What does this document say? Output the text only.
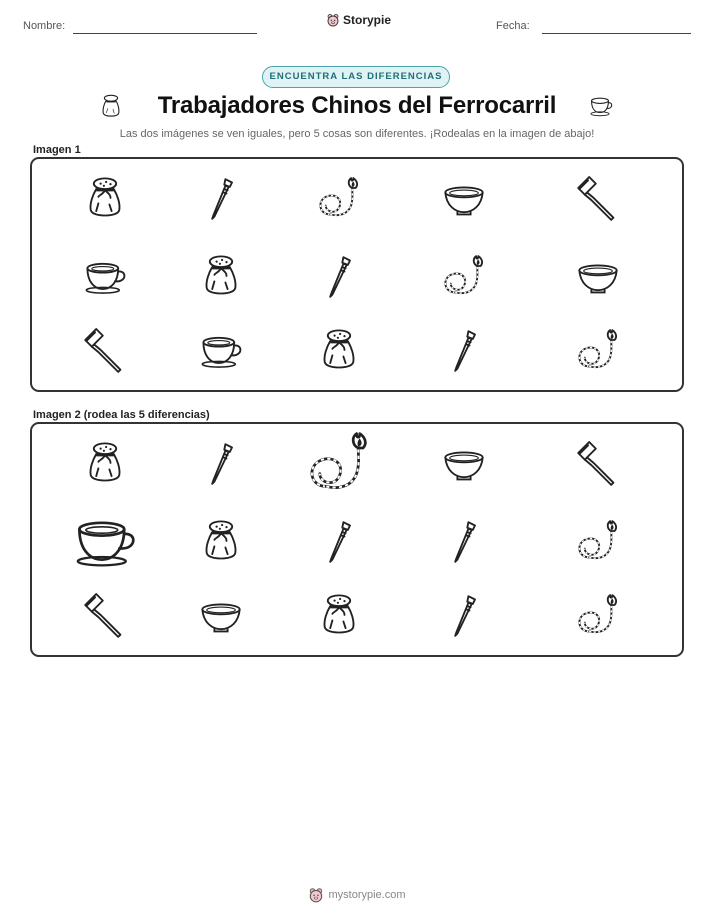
Nombre:	Storypie	Fecha:
ENCUENTRA LAS DIFERENCIAS
Trabajadores Chinos del Ferrocarril
Las dos imágenes se ven iguales, pero 5 cosas son diferentes. ¡Rodealas en la imagen de abajo!
Imagen 1
Imagen 2 (rodea las 5 diferencias)
mystorypie.com
